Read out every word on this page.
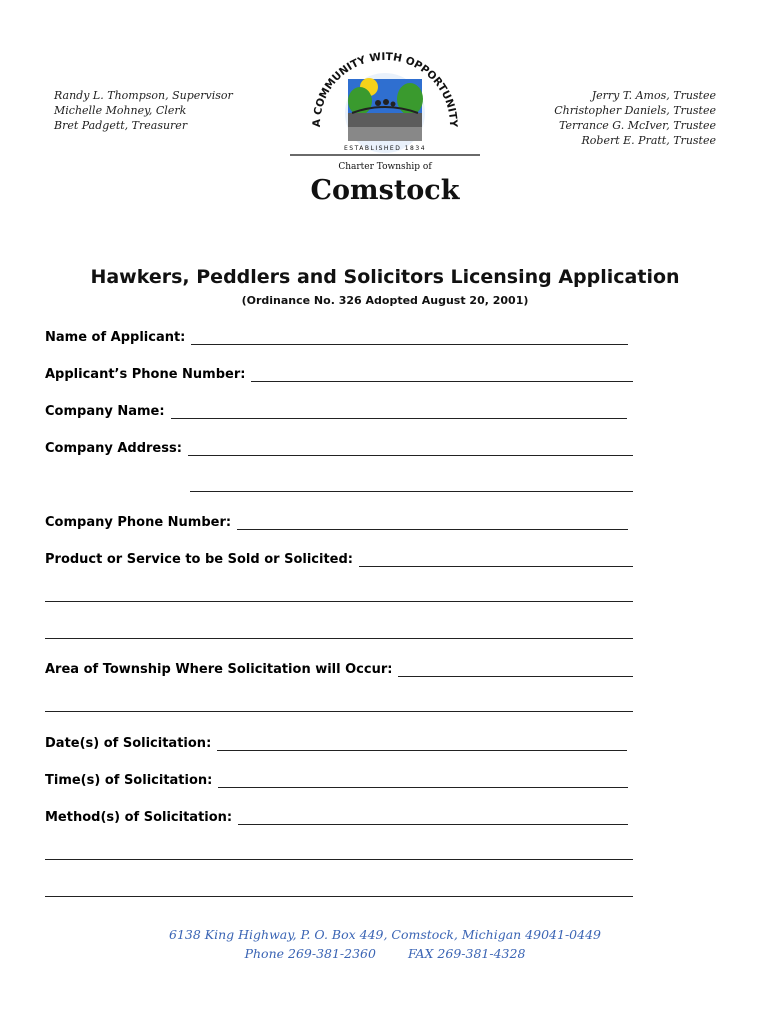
Randy L. Thompson, Supervisor
Michelle Mohney, Clerk
Bret Padgett, Treasurer
Jerry T. Amos, Trustee
Christopher Daniels, Trustee
Terrance G. McIver, Trustee
Robert E. Pratt, Trustee
A COMMUNITY WITH OPPORTUNITY
ESTABLISHED 1834
Charter Township of
Comstock
Hawkers, Peddlers and Solicitors Licensing Application
(Ordinance No. 326 Adopted August 20, 2001)
Name of Applicant:
Applicant’s Phone Number:
Company Name:
Company Address:
Company Phone Number:
Product or Service to be Sold or Solicited:
Area of Township Where Solicitation will Occur:
Date(s) of Solicitation:
Time(s) of Solicitation:
Method(s) of Solicitation:
6138 King Highway, P. O. Box 449, Comstock, Michigan 49041-0449
Phone 269-381-2360	FAX 269-381-4328
